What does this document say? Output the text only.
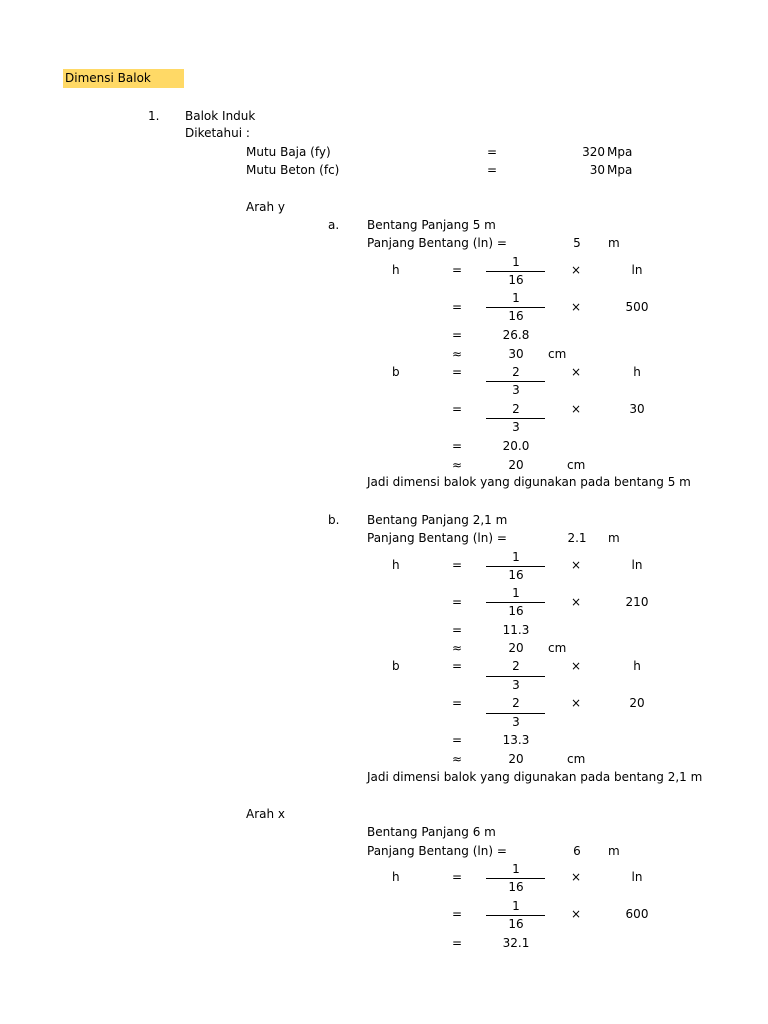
Dimensi Balok
1. Balok Induk
Diketahui :
Mutu Baja (fy)	=	320 Mpa
Mutu Beton (fc)	=	30 Mpa
Arah y
a. Bentang Panjang 5 m
Panjang Bentang (ln) =	5 m
h	=
1
16
×	ln
=
1
16
×	500
=	26.8
≈	30 cm
b	=	2
3
×	h
=	2
3
×	30
=	20.0
≈	20	cm
Jadi dimensi balok yang digunakan pada bentang 5 m
b. Bentang Panjang 2,1 m
Panjang Bentang (ln) =	2.1 m
h	=
1
16
×	ln
=
1
16
×	210
=	11.3
≈	20 cm
b	=	2
3
×	h
=	2
3
×	20
=	13.3
≈	20	cm
Jadi dimensi balok yang digunakan pada bentang 2,1 m
Arah x
Bentang Panjang 6 m
Panjang Bentang (ln) =	6 m
h	=
1
16
×	ln
=
1
16
×	600
=	32.1
